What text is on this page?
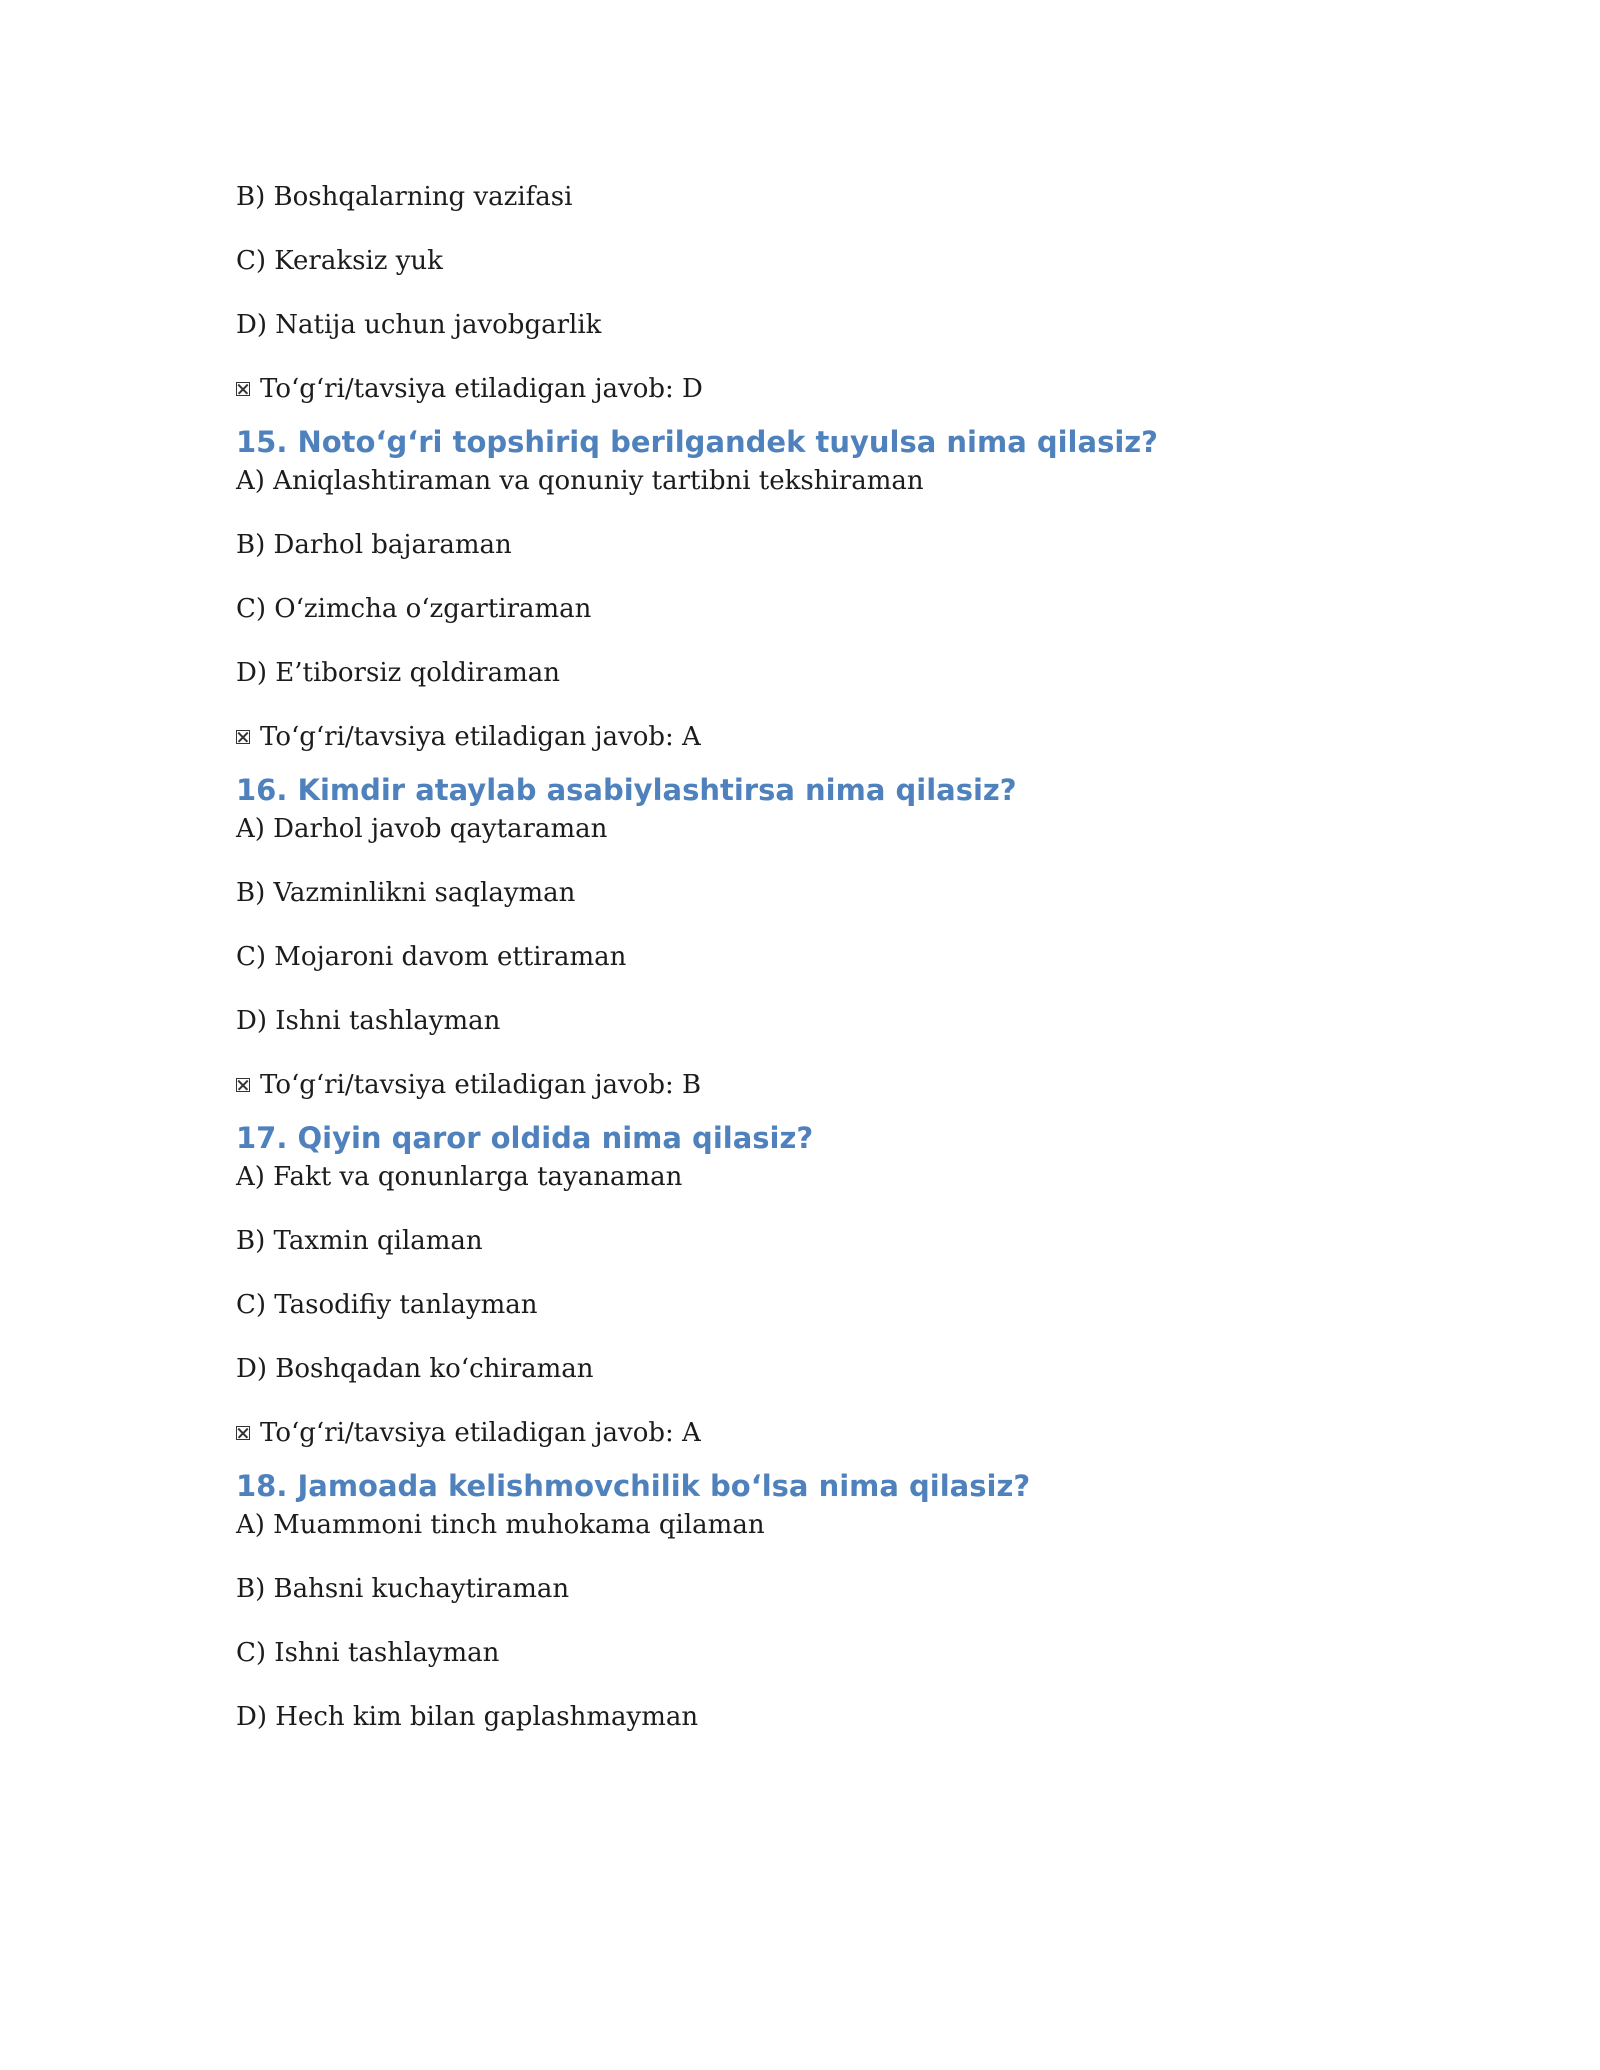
B) Boshqalarning vazifasi

C) Keraksiz yuk

D) Natija uchun javobgarlik

To‘g‘ri/tavsiya etiladigan javob: D

15. Noto‘g‘ri topshiriq berilgandek tuyulsa nima qilasiz?

A) Aniqlashtiraman va qonuniy tartibni tekshiraman

B) Darhol bajaraman

C) O‘zimcha o‘zgartiraman

D) E’tiborsiz qoldiraman

To‘g‘ri/tavsiya etiladigan javob: A

16. Kimdir ataylab asabiylashtirsa nima qilasiz?

A) Darhol javob qaytaraman

B) Vazminlikni saqlayman

C) Mojaroni davom ettiraman

D) Ishni tashlayman

To‘g‘ri/tavsiya etiladigan javob: B

17. Qiyin qaror oldida nima qilasiz?

A) Fakt va qonunlarga tayanaman

B) Taxmin qilaman

C) Tasodifiy tanlayman

D) Boshqadan ko‘chiraman

To‘g‘ri/tavsiya etiladigan javob: A

18. Jamoada kelishmovchilik bo‘lsa nima qilasiz?

A) Muammoni tinch muhokama qilaman

B) Bahsni kuchaytiraman

C) Ishni tashlayman

D) Hech kim bilan gaplashmayman
